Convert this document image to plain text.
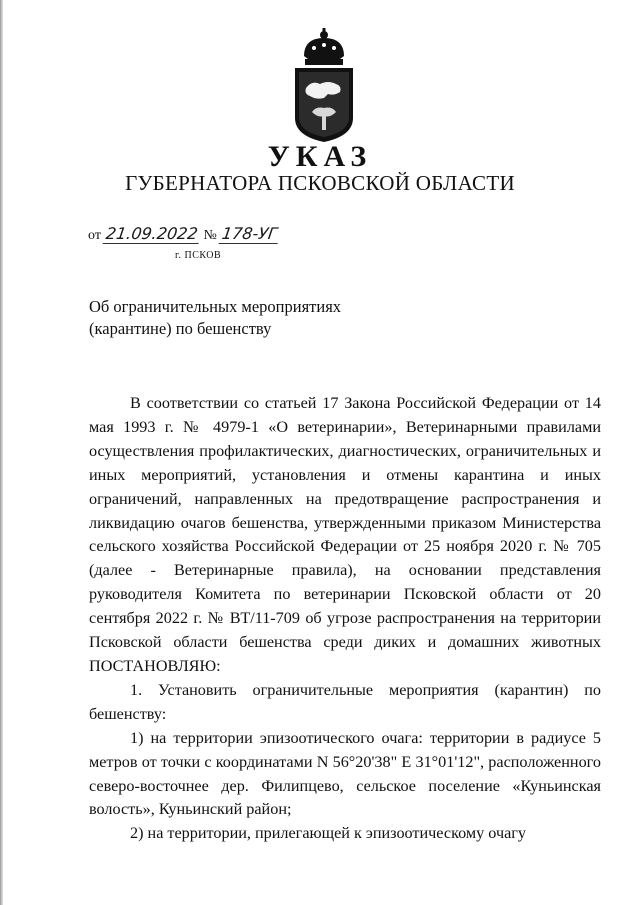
УКАЗ
ГУБЕРНАТОРА ПСКОВСКОЙ ОБЛАСТИ
от 21.09.2022 № 178-УГ
г. ПСКОВ
Об ограничительных мероприятиях
(карантине) по бешенству

В соответствии со статьей 17 Закона Российской Федерации от 14 мая 1993 г. № 4979-1 «О ветеринарии», Ветеринарными правилами осуществления профилактических, диагностических, ограничительных и иных мероприятий, установления и отмены карантина и иных ограничений, направленных на предотвращение распространения и ликвидацию очагов бешенства, утвержденными приказом Министерства сельского хозяйства Российской Федерации от 25 ноября 2020 г. № 705 (далее - Ветеринарные правила), на основании представления руководителя Комитета по ветеринарии Псковской области от 20 сентября 2022 г. № ВТ/11-709 об угрозе распространения на территории Псковской области бешенства среди диких и домашних животных ПОСТАНОВЛЯЮ:

1. Установить ограничительные мероприятия (карантин) по бешенству:

1) на территории эпизоотического очага: территории в радиусе 5 метров от точки с координатами N 56°20'38" E 31°01'12", расположенного северо-восточнее дер. Филипцево, сельское поселение «Куньинская волость», Куньинский район;

2) на территории, прилегающей к эпизоотическому очагу
